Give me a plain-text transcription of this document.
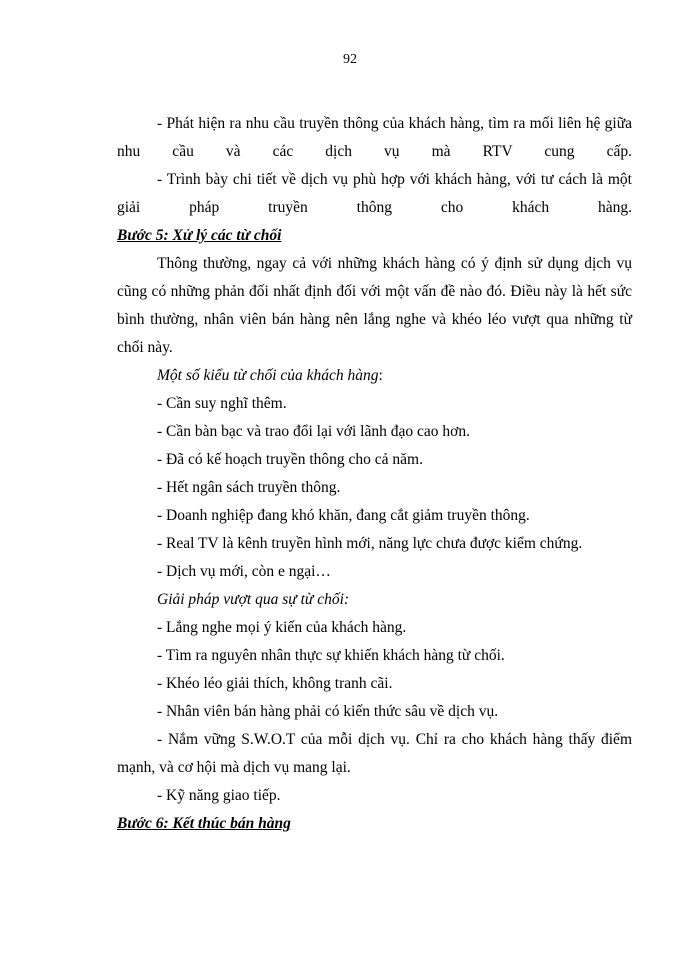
92

- Phát hiện ra nhu cầu truyền thông của khách hàng, tìm ra mối liên hệ giữa nhu cầu và các dịch vụ mà RTV cung cấp.

- Trình bày chi tiết về dịch vụ phù hợp với khách hàng, với tư cách là một giải pháp truyền thông cho khách hàng.

Bước 5: Xử lý các từ chối

Thông thường, ngay cả với những khách hàng có ý định sử dụng dịch vụ cũng có những phản đối nhất định đối với một vấn đề nào đó. Điều này là hết sức bình thường, nhân viên bán hàng nên lắng nghe và khéo léo vượt qua những từ chối này.

Một số kiểu từ chối của khách hàng:

- Cần suy nghĩ thêm.

- Cần bàn bạc và trao đổi lại với lãnh đạo cao hơn.

- Đã có kế hoạch truyền thông cho cả năm.

- Hết ngân sách truyền thông.

- Doanh nghiệp đang khó khăn, đang cắt giảm truyền thông.

- Real TV là kênh truyền hình mới, năng lực chưa được kiểm chứng.

- Dịch vụ mới, còn e ngại…

Giải pháp vượt qua sự từ chối:

- Lắng nghe mọi ý kiến của khách hàng.

- Tìm ra nguyên nhân thực sự khiến khách hàng từ chối.

- Khéo léo giải thích, không tranh cãi.

- Nhân viên bán hàng phải có kiến thức sâu về dịch vụ.

- Nắm vững S.W.O.T của mỗi dịch vụ. Chỉ ra cho khách hàng thấy điểm mạnh, và cơ hội mà dịch vụ mang lại.

- Kỹ năng giao tiếp.

Bước 6: Kết thúc bán hàng
